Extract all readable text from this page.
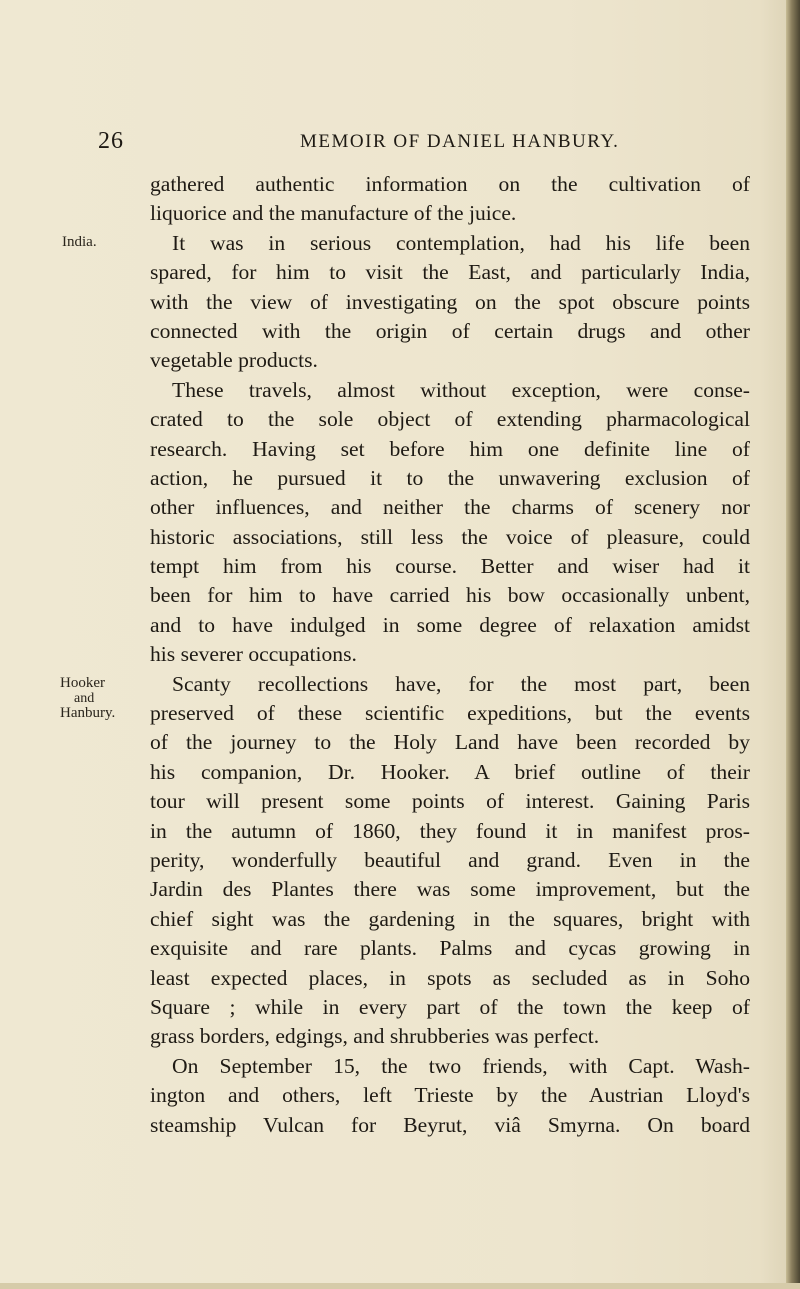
26	MEMOIR OF DANIEL HANBURY.
India.
Hooker
and
Hanbury.
gathered authentic information on the cultivation of
liquorice and the manufacture of the juice.
It was in serious contemplation, had his life been
spared, for him to visit the East, and particularly India,
with the view of investigating on the spot obscure points
connected with the origin of certain drugs and other
vegetable products.
These travels, almost without exception, were conse-
crated to the sole object of extending pharmacological
research. Having set before him one definite line of
action, he pursued it to the unwavering exclusion of
other influences, and neither the charms of scenery nor
historic associations, still less the voice of pleasure, could
tempt him from his course. Better and wiser had it
been for him to have carried his bow occasionally unbent,
and to have indulged in some degree of relaxation amidst
his severer occupations.
Scanty recollections have, for the most part, been
preserved of these scientific expeditions, but the events
of the journey to the Holy Land have been recorded by
his companion, Dr. Hooker. A brief outline of their
tour will present some points of interest. Gaining Paris
in the autumn of 1860, they found it in manifest pros-
perity, wonderfully beautiful and grand. Even in the
Jardin des Plantes there was some improvement, but the
chief sight was the gardening in the squares, bright with
exquisite and rare plants. Palms and cycas growing in
least expected places, in spots as secluded as in Soho
Square ; while in every part of the town the keep of
grass borders, edgings, and shrubberies was perfect.
On September 15, the two friends, with Capt. Wash-
ington and others, left Trieste by the Austrian Lloyd's
steamship Vulcan for Beyrut, viâ Smyrna. On board
